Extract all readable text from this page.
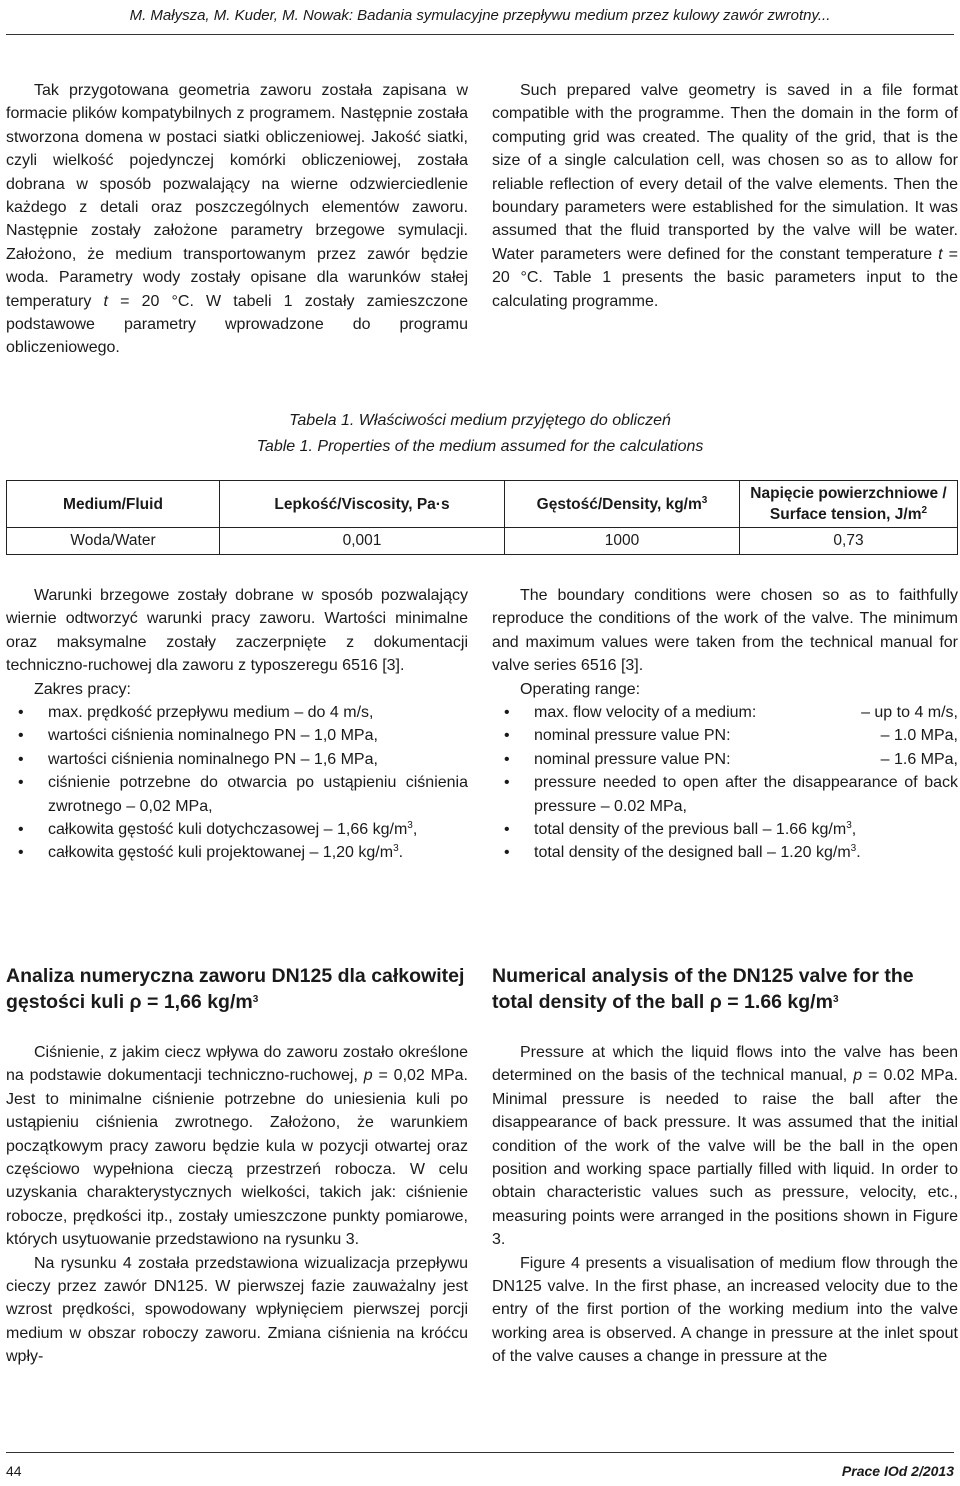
M. Małysza, M. Kuder, M. Nowak: Badania symulacyjne przepływu medium przez kulowy zawór zwrotny...

Tak przygotowana geometria zaworu została zapisana w formacie plików kompatybilnych z programem. Następnie została stworzona domena w postaci siatki obliczeniowej. Jakość siatki, czyli wielkość pojedynczej komórki obliczeniowej, została dobrana w sposób pozwalający na wierne odzwierciedlenie każdego z detali oraz poszczególnych elementów zaworu. Następnie zostały założone parametry brzegowe symulacji. Założono, że medium transportowanym przez zawór będzie woda. Parametry wody zostały opisane dla warunków stałej temperatury t = 20 °C. W tabeli 1 zostały zamieszczone podstawowe parametry wprowadzone do programu obliczeniowego.

Such prepared valve geometry is saved in a file format compatible with the programme. Then the domain in the form of computing grid was created. The quality of the grid, that is the size of a single calculation cell, was chosen so as to allow for reliable reflection of every detail of the valve elements. Then the boundary parameters were established for the simulation. It was assumed that the fluid transported by the valve will be water. Water parameters were defined for the constant temperature t = 20 °C. Table 1 presents the basic parameters input to the calculating programme.

Tabela 1. Właściwości medium przyjętego do obliczeń
Table 1. Properties of the medium assumed for the calculations
Medium/Fluid	Lepkość/Viscosity, Pa·s	Gęstość/Density, $kg/m^3$	Napięcie powierzchniowe /
Surface tension, $J/m^2$
Woda/Water	0,001	1000	0,73

Warunki brzegowe zostały dobrane w sposób pozwalający wiernie odtworzyć warunki pracy zaworu. Wartości minimalne oraz maksymalne zostały zaczerpnięte z dokumentacji techniczno-ruchowej dla zaworu z typoszeregu 6516 [3].

Zakres pracy:

• max. prędkość przepływu medium – do 4 m/s,
• wartości ciśnienia nominalnego PN – 1,0 MPa,
• wartości ciśnienia nominalnego PN – 1,6 MPa,
• ciśnienie potrzebne do otwarcia po ustąpieniu ciśnienia zwrotnego – 0,02 MPa,
• całkowita gęstość kuli dotychczasowej – 1,66 $kg/m^3$,
• całkowita gęstość kuli projektowanej – 1,20 $kg/m^3$.

The boundary conditions were chosen so as to faithfully reproduce the conditions of the work of the valve. The minimum and maximum values were taken from the technical manual for valve series 6516 [3].

Operating range:

• max. flow velocity of a medium:	– up to 4 m/s,
• nominal pressure value PN:	– 1.0 MPa,
• nominal pressure value PN:	– 1.6 MPa,
• pressure needed to open after the disappearance of back pressure – 0.02 MPa,
• total density of the previous ball – 1.66 $kg/m^3$,
• total density of the designed ball – 1.20 $kg/m^3$.
Analiza numeryczna zaworu DN125 dla całkowitej gęstości kuli ρ = 1,66 $kg/m^3$
Numerical analysis of the DN125 valve for the total density of the ball ρ = 1.66 $kg/m^3$

Ciśnienie, z jakim ciecz wpływa do zaworu zostało określone na podstawie dokumentacji techniczno-ruchowej, p = 0,02 MPa. Jest to minimalne ciśnienie potrzebne do uniesienia kuli po ustąpieniu ciśnienia zwrotnego. Założono, że warunkiem początkowym pracy zaworu będzie kula w pozycji otwartej oraz częściowo wypełniona cieczą przestrzeń robocza. W celu uzyskania charakterystycznych wielkości, takich jak: ciśnienie robocze, prędkości itp., zostały umieszczone punkty pomiarowe, których usytuowanie przedstawiono na rysunku 3.

Na rysunku 4 została przedstawiona wizualizacja przepływu cieczy przez zawór DN125. W pierwszej fazie zauważalny jest wzrost prędkości, spowodowany wpłynięciem pierwszej porcji medium w obszar roboczy zaworu. Zmiana ciśnienia na króćcu wpły-

Pressure at which the liquid flows into the valve has been determined on the basis of the technical manual, p = 0.02 MPa. Minimal pressure is needed to raise the ball after the disappearance of back pressure. It was assumed that the initial condition of the work of the valve will be the ball in the open position and working space partially filled with liquid. In order to obtain characteristic values such as pressure, velocity, etc., measuring points were arranged in the positions shown in Figure 3.

Figure 4 presents a visualisation of medium flow through the DN125 valve. In the first phase, an increased velocity due to the entry of the first portion of the working medium into the valve working area is observed. A change in pressure at the inlet spout of the valve causes a change in pressure at the

44	Prace IOd 2/2013
